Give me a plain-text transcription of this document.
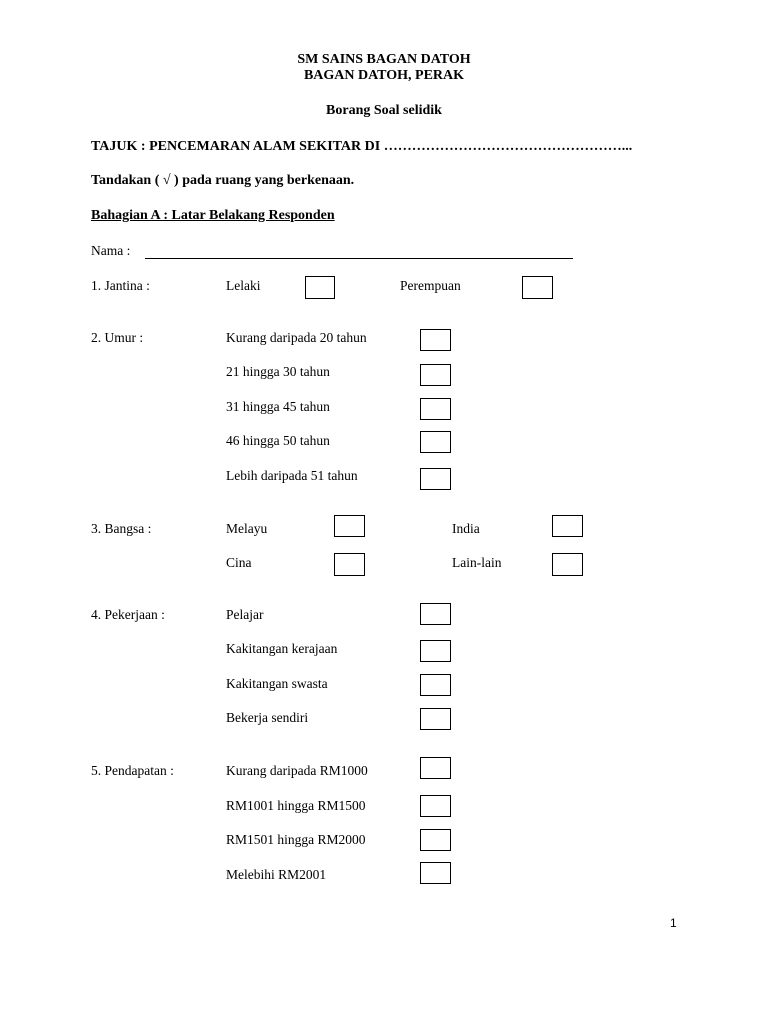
SM SAINS BAGAN DATOH
BAGAN DATOH, PERAK
Borang Soal selidik
TAJUK : PENCEMARAN ALAM SEKITAR DI ……………………………………………...
Tandakan ( √ ) pada ruang yang berkenaan.
Bahagian A : Latar Belakang Responden
Nama :
1. Jantina :	Lelaki	Perempuan
2. Umur :	Kurang daripada 20 tahun
21 hingga 30 tahun
31 hingga 45 tahun
46 hingga 50 tahun
Lebih daripada 51 tahun
3. Bangsa :	Melayu	India
Cina	Lain-lain
4. Pekerjaan :	Pelajar
Kakitangan kerajaan
Kakitangan swasta
Bekerja sendiri
5. Pendapatan :	Kurang daripada RM1000
RM1001 hingga RM1500
RM1501 hingga RM2000
Melebihi RM2001
1
